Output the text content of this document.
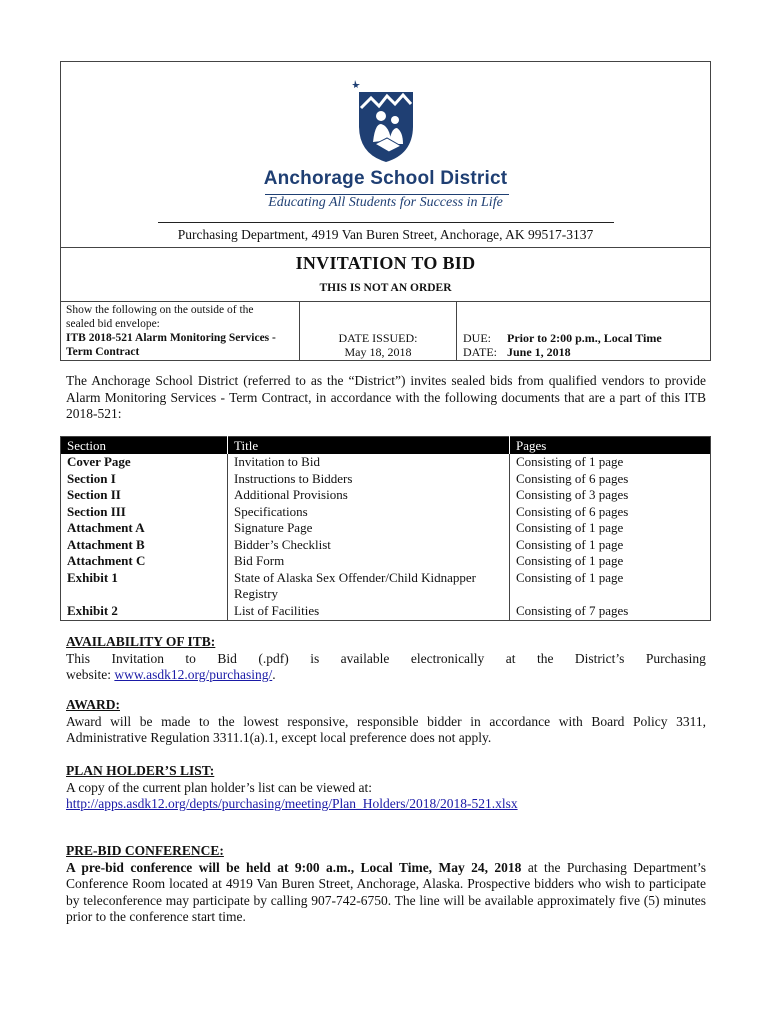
Anchorage School District
Educating All Students for Success in Life
Purchasing Department, 4919 Van Buren Street, Anchorage, AK 99517-3137
INVITATION TO BID
THIS IS NOT AN ORDER
Show the following on the outside of the
sealed bid envelope:
ITB 2018-521 Alarm Monitoring Services -
Term Contract
DATE ISSUED:
May 18, 2018
DUE: Prior to 2:00 p.m., Local Time
DATE: June 1, 2018
The Anchorage School District (referred to as the “District”) invites sealed bids from qualified vendors to provide Alarm Monitoring Services - Term Contract, in accordance with the following documents that are a part of this ITB 2018-521:
Section	Title	Pages
Cover Page	Invitation to Bid	Consisting of 1 page
Section I	Instructions to Bidders	Consisting of 6 pages
Section II	Additional Provisions	Consisting of 3 pages
Section III	Specifications	Consisting of 6 pages
Attachment A	Signature Page	Consisting of 1 page
Attachment B	Bidder’s Checklist	Consisting of 1 page
Attachment C	Bid Form	Consisting of 1 page
Exhibit 1	State of Alaska Sex Offender/Child Kidnapper Registry	Consisting of 1 page
Exhibit 2	List of Facilities	Consisting of 7 pages
AVAILABILITY OF ITB:
This Invitation to Bid (.pdf) is available electronically at the District’s Purchasing
website: www.asdk12.org/purchasing/.
AWARD:
Award will be made to the lowest responsive, responsible bidder in accordance with Board Policy 3311, Administrative Regulation 3311.1(a).1, except local preference does not apply.
PLAN HOLDER’S LIST:
A copy of the current plan holder’s list can be viewed at:
http://apps.asdk12.org/depts/purchasing/meeting/Plan_Holders/2018/2018-521.xlsx
PRE-BID CONFERENCE:
A pre-bid conference will be held at 9:00 a.m., Local Time, May 24, 2018 at the Purchasing Department’s Conference Room located at 4919 Van Buren Street, Anchorage, Alaska. Prospective bidders who wish to participate by teleconference may participate by calling 907-742-6750. The line will be available approximately five (5) minutes prior to the conference start time.
